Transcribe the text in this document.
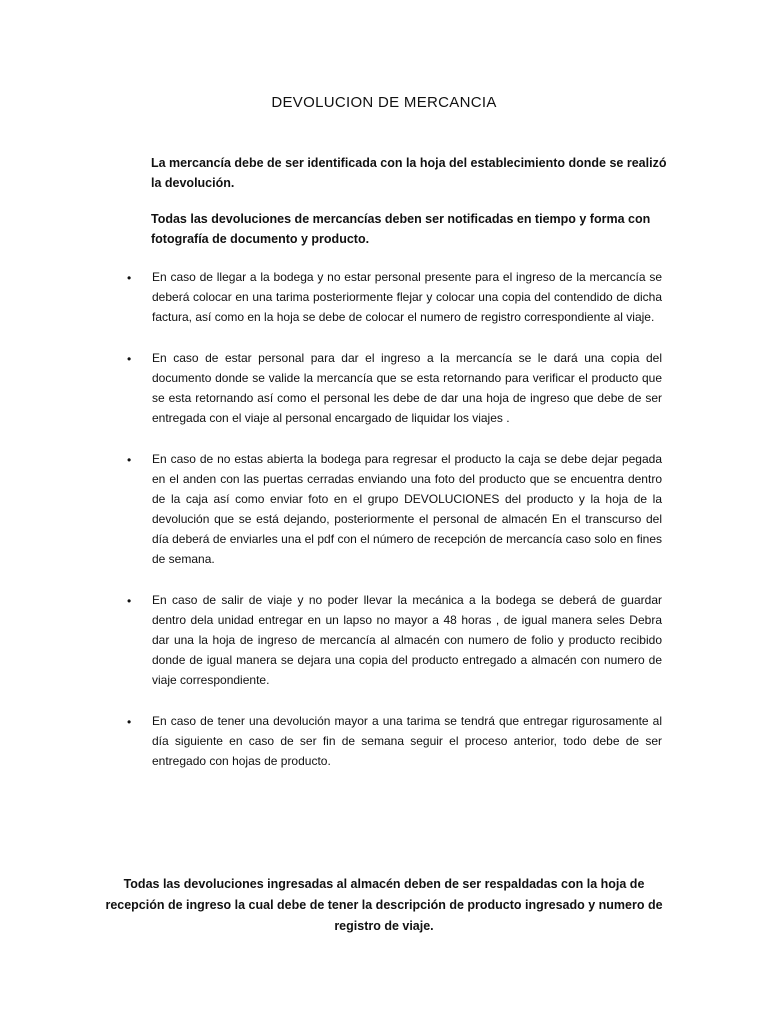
DEVOLUCION DE MERCANCIA
La mercancía debe de ser identificada con la hoja del establecimiento donde se realizó la devolución.
Todas las devoluciones de mercancías deben ser notificadas en tiempo y forma con fotografía de documento y producto.
• En caso de llegar a la bodega y no estar personal presente para el ingreso de la mercancía se deberá colocar en una tarima posteriormente flejar y colocar una copia del contendido de dicha factura, así como en la hoja se debe de colocar el numero de registro correspondiente al viaje.
• En caso de estar personal para dar el ingreso a la mercancía se le dará una copia del documento donde se valide la mercancía que se esta retornando para verificar el producto que se esta retornando así como el personal les debe de dar una hoja de ingreso que debe de ser entregada con el viaje al personal encargado de liquidar los viajes .
• En caso de no estas abierta la bodega para regresar el producto la caja se debe dejar pegada en el anden con las puertas cerradas enviando una foto del producto que se encuentra dentro de la caja así como enviar foto en el grupo DEVOLUCIONES del producto y la hoja de la devolución que se está dejando, posteriormente el personal de almacén En el transcurso del día deberá de enviarles una el pdf con el número de recepción de mercancía caso solo en fines de semana.
• En caso de salir de viaje y no poder llevar la mecánica a la bodega se deberá de guardar dentro dela unidad entregar en un lapso no mayor a 48 horas , de igual manera seles Debra dar una la hoja de ingreso de mercancía al almacén con numero de folio y producto recibido donde de igual manera se dejara una copia del producto entregado a almacén con numero de viaje correspondiente.
• En caso de tener una devolución mayor a una tarima se tendrá que entregar rigurosamente al día siguiente en caso de ser fin de semana seguir el proceso anterior, todo debe de ser entregado con hojas de producto.
Todas las devoluciones ingresadas al almacén deben de ser respaldadas con la hoja de recepción de ingreso la cual debe de tener la descripción de producto ingresado y numero de registro de viaje.
